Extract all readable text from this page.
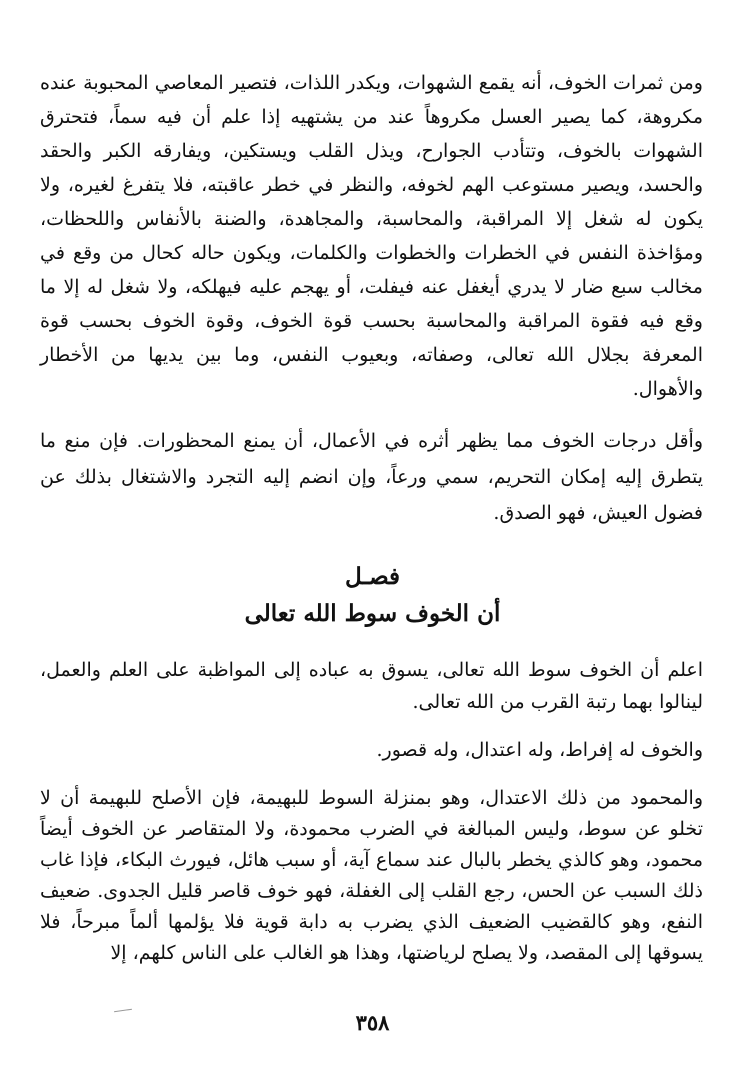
ومن ثمرات الخوف، أنه يقمع الشهوات، ويكدر اللذات، فتصير المعاصي المحبوبة عنده مكروهة، كما يصير العسل مكروهاً عند من يشتهيه إذا علم أن فيه سماً، فتحترق الشهوات بالخوف، وتتأدب الجوارح، ويذل القلب ويستكين، ويفارقه الكبر والحقد والحسد، ويصير مستوعب الهم لخوفه، والنظر في خطر عاقبته، فلا يتفرغ لغيره، ولا يكون له شغل إلا المراقبة، والمحاسبة، والمجاهدة، والضنة بالأنفاس واللحظات، ومؤاخذة النفس في الخطرات والخطوات والكلمات، ويكون حاله كحال من وقع في مخالب سبع ضار لا يدري أيغفل عنه فيفلت، أو يهجم عليه فيهلكه، ولا شغل له إلا ما وقع فيه فقوة المراقبة والمحاسبة بحسب قوة الخوف، وقوة الخوف بحسب قوة المعرفة بجلال الله تعالى، وصفاته، وبعيوب النفس، وما بين يديها من الأخطار والأهوال.

وأقل درجات الخوف مما يظهر أثره في الأعمال، أن يمنع المحظورات. فإن منع ما يتطرق إليه إمكان التحريم، سمي ورعاً، وإن انضم إليه التجرد والاشتغال بذلك عن فضول العيش، فهو الصدق.

فصـل
أن الخوف سوط الله تعالى

اعلم أن الخوف سوط الله تعالى، يسوق به عباده إلى المواظبة على العلم والعمل، لينالوا بهما رتبة القرب من الله تعالى.

والخوف له إفراط، وله اعتدال، وله قصور.

والمحمود من ذلك الاعتدال، وهو بمنزلة السوط للبهيمة، فإن الأصلح للبهيمة أن لا تخلو عن سوط، وليس المبالغة في الضرب محمودة، ولا المتقاصر عن الخوف أيضاً محمود، وهو كالذي يخطر بالبال عند سماع آية، أو سبب هائل، فيورث البكاء، فإذا غاب ذلك السبب عن الحس، رجع القلب إلى الغفلة، فهو خوف قاصر قليل الجدوى. ضعيف النفع، وهو كالقضيب الضعيف الذي يضرب به دابة قوية فلا يؤلمها ألماً مبرحاً، فلا يسوقها إلى المقصد، ولا يصلح لرياضتها، وهذا هو الغالب على الناس كلهم، إلا

٣٥٨
